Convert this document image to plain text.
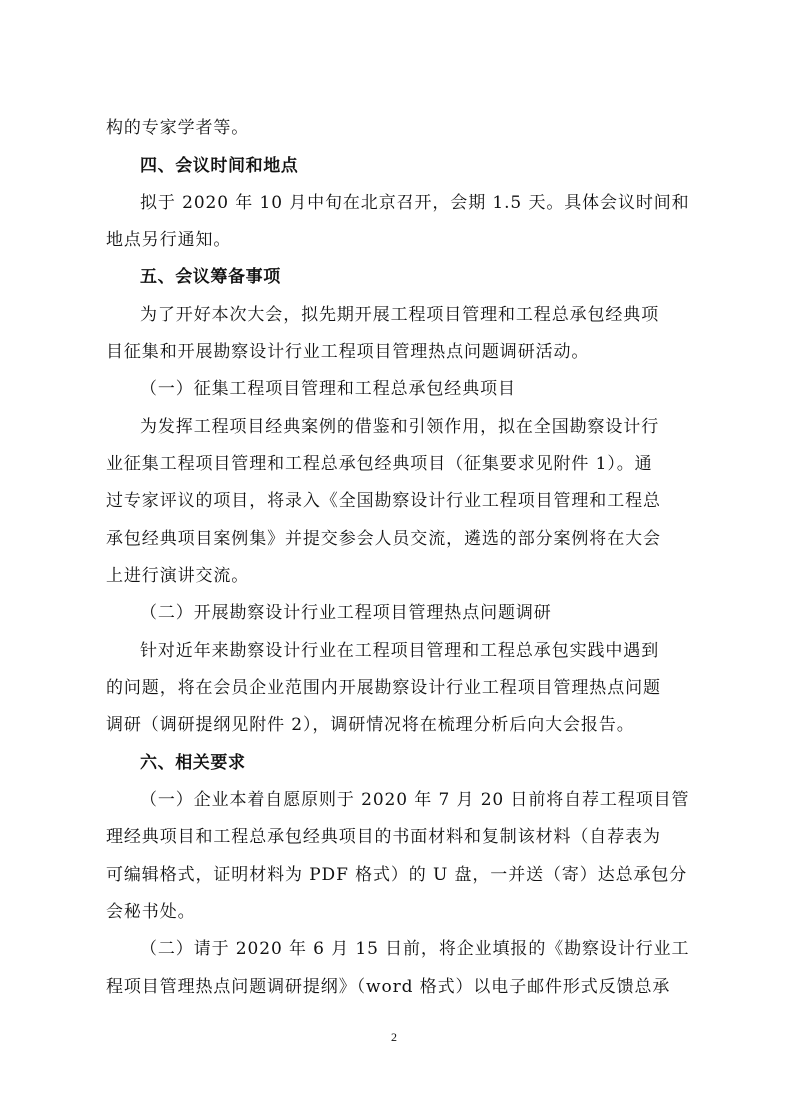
构的专家学者等。
四、会议时间和地点
拟于 2020 年 10 月中旬在北京召开，会期 1.5 天。具体会议时间和
地点另行通知。
五、会议筹备事项
为了开好本次大会，拟先期开展工程项目管理和工程总承包经典项
目征集和开展勘察设计行业工程项目管理热点问题调研活动。
（一）征集工程项目管理和工程总承包经典项目
为发挥工程项目经典案例的借鉴和引领作用，拟在全国勘察设计行
业征集工程项目管理和工程总承包经典项目（征集要求见附件 1）。通
过专家评议的项目，将录入《全国勘察设计行业工程项目管理和工程总
承包经典项目案例集》并提交参会人员交流，遴选的部分案例将在大会
上进行演讲交流。
（二）开展勘察设计行业工程项目管理热点问题调研
针对近年来勘察设计行业在工程项目管理和工程总承包实践中遇到
的问题，将在会员企业范围内开展勘察设计行业工程项目管理热点问题
调研（调研提纲见附件 2），调研情况将在梳理分析后向大会报告。
六、相关要求
（一）企业本着自愿原则于 2020 年 7 月 20 日前将自荐工程项目管
理经典项目和工程总承包经典项目的书面材料和复制该材料（自荐表为
可编辑格式，证明材料为 PDF 格式）的 U 盘，一并送（寄）达总承包分
会秘书处。
（二）请于 2020 年 6 月 15 日前，将企业填报的《勘察设计行业工
程项目管理热点问题调研提纲》（word 格式）以电子邮件形式反馈总承
2
